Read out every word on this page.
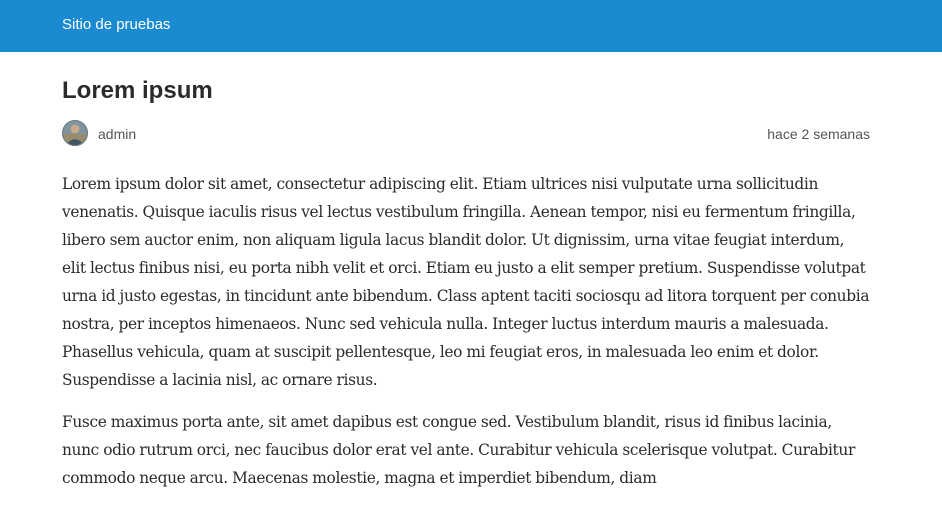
Sitio de pruebas
Lorem ipsum
admin	hace 2 semanas

Lorem ipsum dolor sit amet, consectetur adipiscing elit. Etiam ultrices nisi vulputate urna sollicitudin venenatis. Quisque iaculis risus vel lectus vestibulum fringilla. Aenean tempor, nisi eu fermentum fringilla, libero sem auctor enim, non aliquam ligula lacus blandit dolor. Ut dignissim, urna vitae feugiat interdum, elit lectus finibus nisi, eu porta nibh velit et orci. Etiam eu justo a elit semper pretium. Suspendisse volutpat urna id justo egestas, in tincidunt ante bibendum. Class aptent taciti sociosqu ad litora torquent per conubia nostra, per inceptos himenaeos. Nunc sed vehicula nulla. Integer luctus interdum mauris a malesuada. Phasellus vehicula, quam at suscipit pellentesque, leo mi feugiat eros, in malesuada leo enim et dolor. Suspendisse a lacinia nisl, ac ornare risus.

Fusce maximus porta ante, sit amet dapibus est congue sed. Vestibulum blandit, risus id finibus lacinia, nunc odio rutrum orci, nec faucibus dolor erat vel ante. Curabitur vehicula scelerisque volutpat. Curabitur commodo neque arcu. Maecenas molestie, magna et imperdiet bibendum, diam
